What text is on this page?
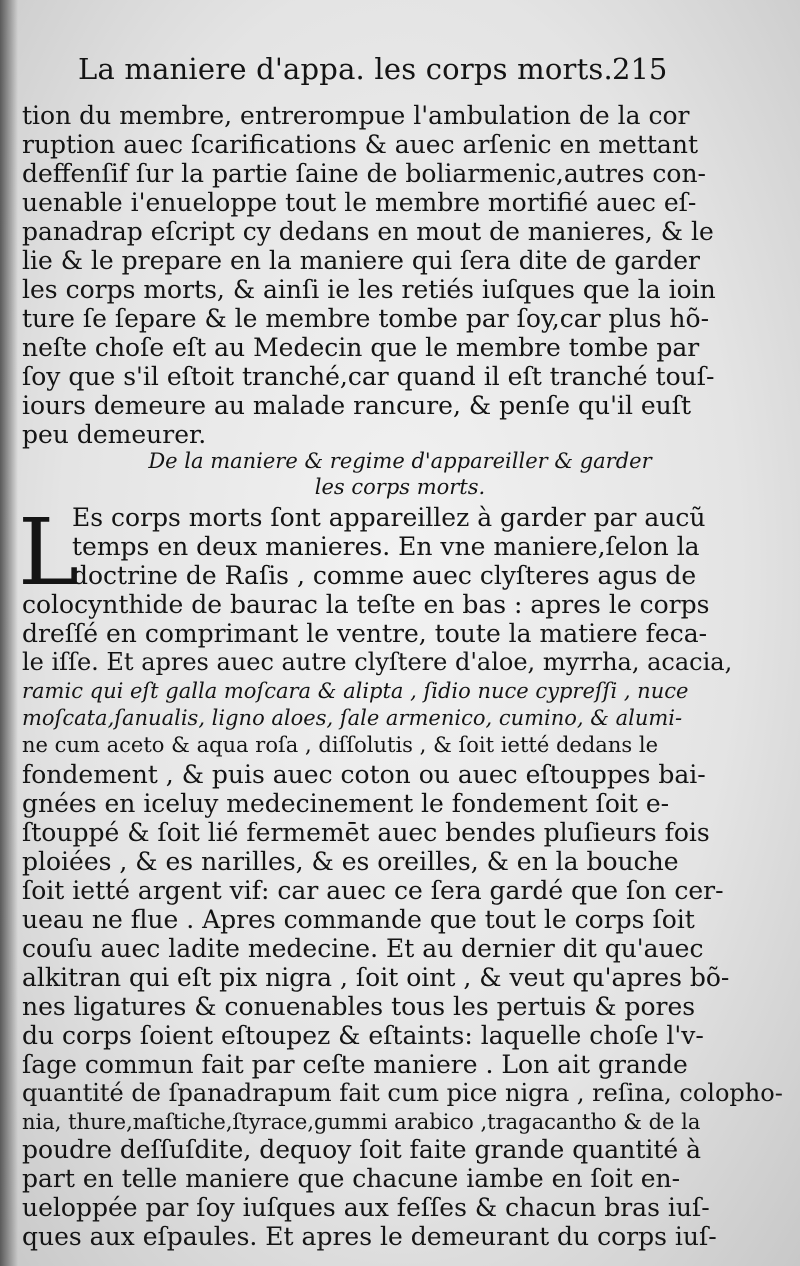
La maniere d'appa. les corps morts. 215
tion du membre, entrerompue l'ambulation de la cor
ruption auec ſcarifications & auec arſenic en mettant
deffenſif ſur la partie ſaine de boliarmenic,autres con-
uenable i'enueloppe tout le membre mortifié auec eſ-
panadrap eſcript cy dedans en mout de manieres, & le
lie & le prepare en la maniere qui ſera dite de garder
les corps morts, & ainſi ie les retiés iuſques que la ioin
ture ſe ſepare & le membre tombe par ſoy,car plus hõ-
neſte choſe eſt au Medecin que le membre tombe par
ſoy que s'il eſtoit tranché,car quand il eſt tranché touſ-
iours demeure au malade rancure, & penſe qu'il euſt
peu demeurer.
De la maniere & regime d'appareiller & garder
les corps morts.
L
Es corps morts ſont appareillez à garder par aucũ
temps en deux manieres. En vne maniere,ſelon la
doctrine de Raſis , comme auec clyſteres agus de
colocynthide de baurac la teſte en bas : apres le corps
dreſſé en comprimant le ventre, toute la matiere feca-
le iſſe. Et apres auec autre clyſtere d'aloe, myrrha, acacia,
ramic qui eſt galla moſcara & alipta , ſidio nuce cypreſſi , nuce
moſcata,ſanualis, ligno aloes, ſale armenico, cumino, & alumi-
ne cum aceto & aqua roſa , diſſolutis , & ſoit ietté dedans le
fondement , & puis auec coton ou auec eſtouppes bai-
gnées en iceluy medecinement le fondement ſoit e-
ſtouppé & ſoit lié fermemēt auec bendes pluſieurs fois
ploiées , & es narilles, & es oreilles, & en la bouche
ſoit ietté argent vif: car auec ce ſera gardé que ſon cer-
ueau ne flue . Apres commande que tout le corps ſoit
couſu auec ladite medecine. Et au dernier dit qu'auec
alkitran qui eſt pix nigra , ſoit oint , & veut qu'apres bõ-
nes ligatures & conuenables tous les pertuis & pores
du corps ſoient eſtoupez & eſtaints: laquelle choſe l'v-
ſage commun fait par ceſte maniere . Lon ait grande
quantité de ſpanadrapum fait cum pice nigra , reſina, colopho-
nia, thure,maſtiche,ſtyrace,gummi arabico ,tragacantho & de la
poudre deſſuſdite, dequoy ſoit faite grande quantité à
part en telle maniere que chacune iambe en ſoit en-
ueloppée par ſoy iuſques aux feſſes & chacun bras iuſ-
ques aux eſpaules. Et apres le demeurant du corps iuſ-
